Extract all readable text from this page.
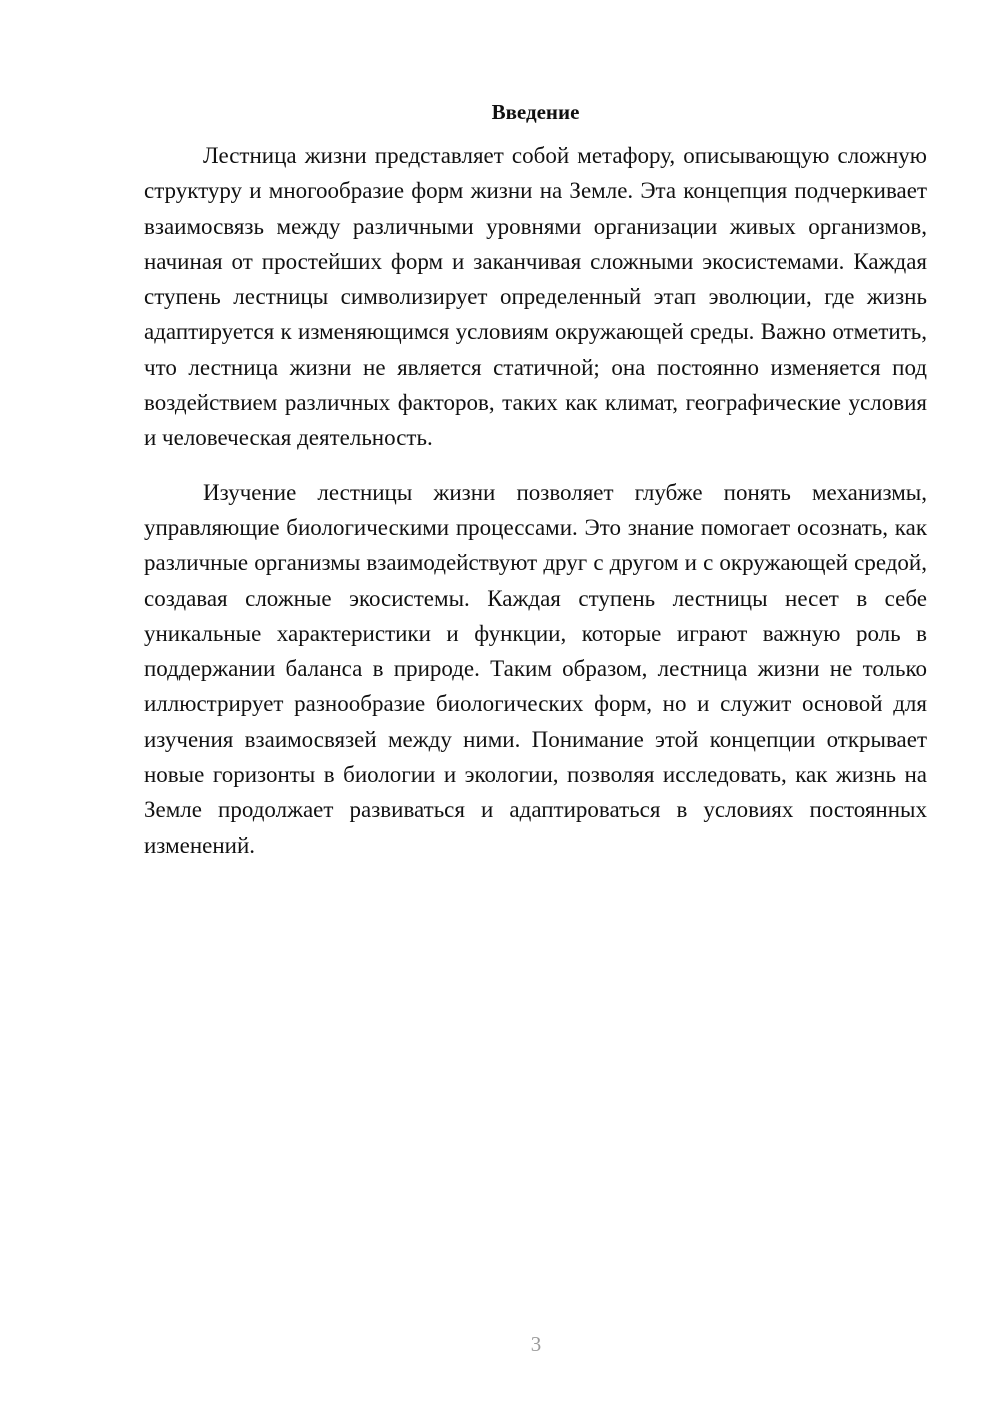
Введение

Лестница жизни представляет собой метафору, описывающую сложную структуру и многообразие форм жизни на Земле. Эта концепция подчеркивает взаимосвязь между различными уровнями организации живых организмов, начиная от простейших форм и заканчивая сложными экосистемами. Каждая ступень лестницы символизирует определенный этап эволюции, где жизнь адаптируется к изменяющимся условиям окружающей среды. Важно отметить, что лестница жизни не является статичной; она постоянно изменяется под воздействием различных факторов, таких как климат, географические условия и человеческая деятельность.

Изучение лестницы жизни позволяет глубже понять механизмы, управляющие биологическими процессами. Это знание помогает осознать, как различные организмы взаимодействуют друг с другом и с окружающей средой, создавая сложные экосистемы. Каждая ступень лестницы несет в себе уникальные характеристики и функции, которые играют важную роль в поддержании баланса в природе. Таким образом, лестница жизни не только иллюстрирует разнообразие биологических форм, но и служит основой для изучения взаимосвязей между ними. Понимание этой концепции открывает новые горизонты в биологии и экологии, позволяя исследовать, как жизнь на Земле продолжает развиваться и адаптироваться в условиях постоянных изменений.

3
